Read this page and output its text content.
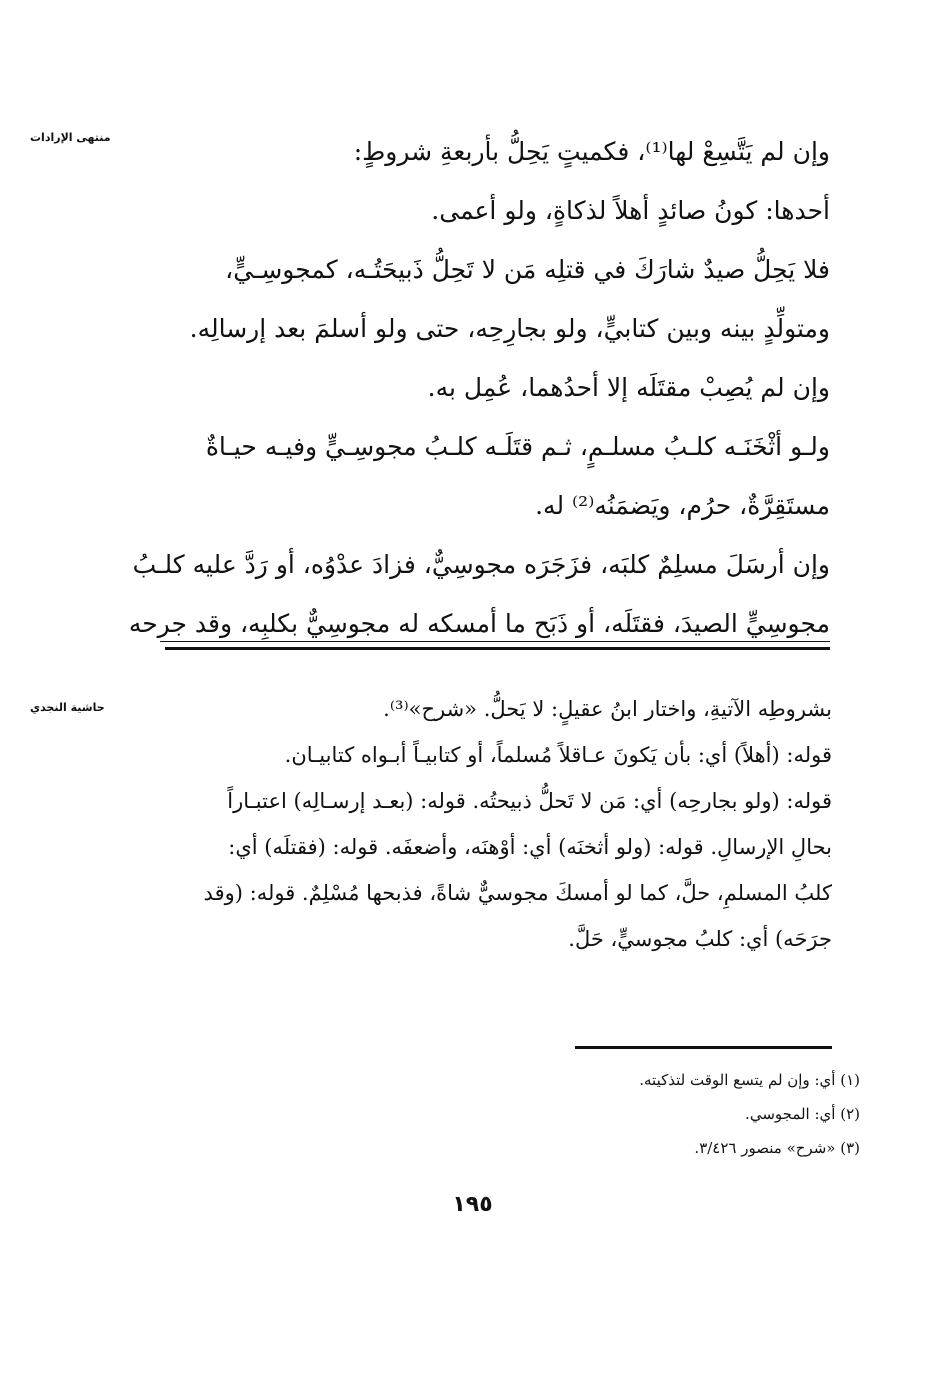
منتهى الإرادات
حاشية النجدي

وإن لم يَتَّسِعْ لها⁽¹⁾، فكميتٍ يَحِلُّ بأربعةِ شروطٍ:

أحدها: كونُ صائدٍ أهلاً لذكاةٍ، ولو أعمى.

فلا يَحِلُّ صيدٌ شارَكَ في قتلِه مَن لا تَحِلُّ ذَبيحَتُـه، كمجوسِـيٍّ،

ومتولِّدٍ بينه وبين كتابيٍّ، ولو بجارِحِه، حتى ولو أسلمَ بعد إرسالِه.

وإن لم يُصِبْ مقتَلَه إلا أحدُهما، عُمِل به.

ولـو أثْخَنَـه كلـبُ مسلـمٍ، ثـم قتَلَـه كلـبُ مجوسِـيٍّ وفيـه حيـاةٌ

مستَقِرَّةٌ، حرُم، ويَضمَنُه⁽²⁾ له.

وإن أرسَلَ مسلِمٌ كلبَه، فزَجَرَه مجوسِيٌّ، فزادَ عدْوُه، أو رَدَّ عليه كلـبُ

مجوسِيٍّ الصيدَ، فقتَلَه، أو ذَبَح ما أمسكه له مجوسِيٌّ بكلبِه، وقد جرحه

بشروطِه الآتيةِ، واختار ابنُ عقيلٍ: لا يَحلُّ. «شرح»⁽³⁾.

قوله: (أهلاً) أي: بأن يَكونَ عـاقلاً مُسلماً، أو كتابيـاً أبـواه كتابيـان.

قوله: (ولو بجارحِه) أي: مَن لا تَحلُّ ذبيحتُه. قوله: (بعـد إرسـالِه) اعتبـاراً

بحالِ الإرسالِ. قوله: (ولو أثخنَه) أي: أوْهنَه، وأضعفَه. قوله: (فقتلَه) أي:

كلبُ المسلمِ، حلَّ، كما لو أمسكَ مجوسيٌّ شاةً، فذبحها مُسْلِمٌ. قوله: (وقد

جرَحَه) أي: كلبُ مجوسيٍّ، حَلَّ.

(١) أي: وإن لم يتسع الوقت لتذكيته.

(٢) أي: المجوسي.

(٣) «شرح» منصور ٣/٤٢٦.

١٩٥
